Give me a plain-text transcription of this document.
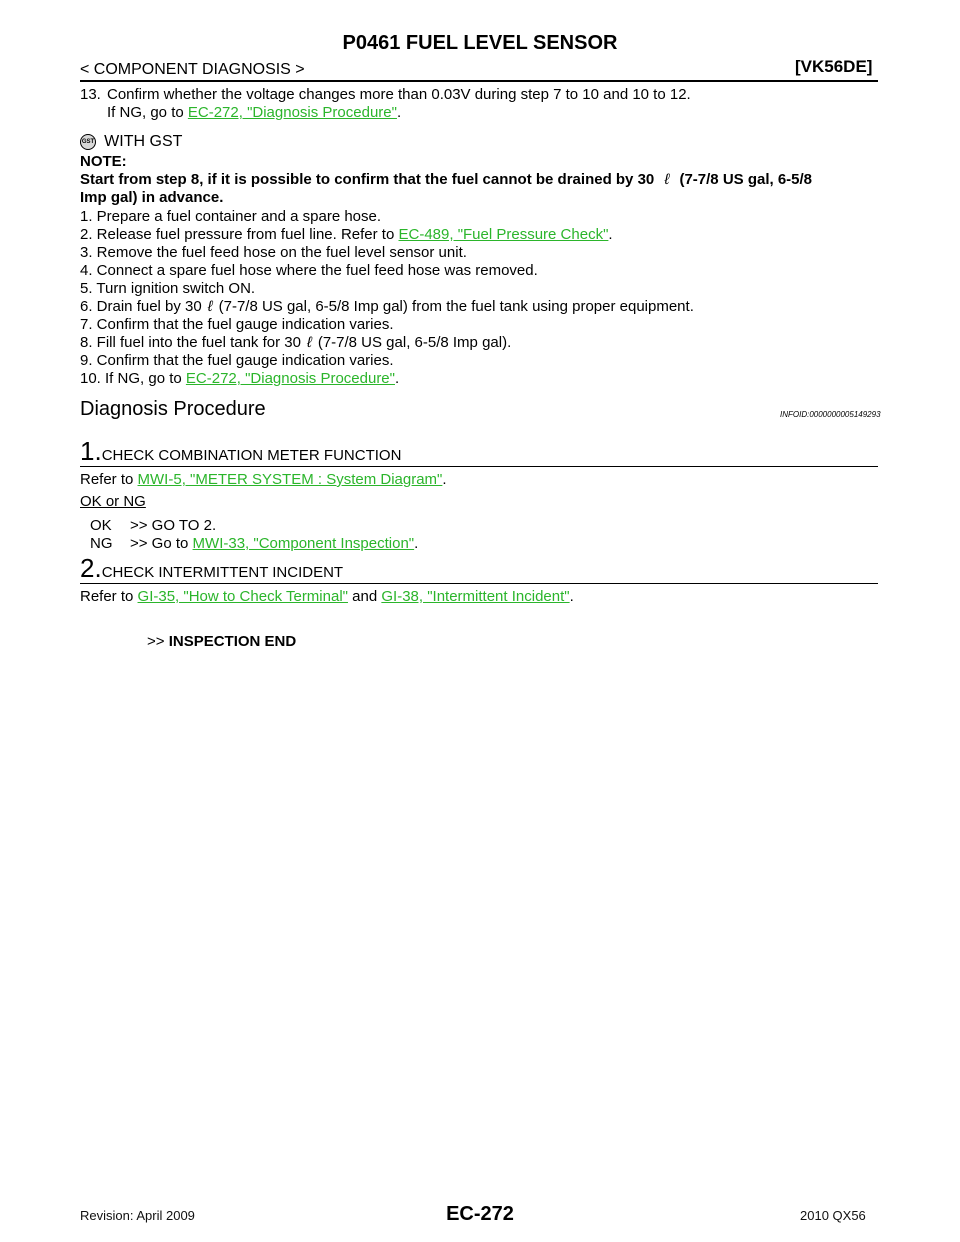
P0461 FUEL LEVEL SENSOR
< COMPONENT DIAGNOSIS >	[VK56DE]
13. Confirm whether the voltage changes more than 0.03V during step 7 to 10 and 10 to 12.
If NG, go to EC-272, "Diagnosis Procedure".
GST WITH GST
NOTE:
Start from step 8, if it is possible to confirm that the fuel cannot be drained by 30 ℓ (7-7/8 US gal, 6-5/8
Imp gal) in advance.
1. Prepare a fuel container and a spare hose.
2. Release fuel pressure from fuel line. Refer to EC-489, "Fuel Pressure Check".
3. Remove the fuel feed hose on the fuel level sensor unit.
4. Connect a spare fuel hose where the fuel feed hose was removed.
5. Turn ignition switch ON.
6. Drain fuel by 30 ℓ (7-7/8 US gal, 6-5/8 Imp gal) from the fuel tank using proper equipment.
7. Confirm that the fuel gauge indication varies.
8. Fill fuel into the fuel tank for 30 ℓ (7-7/8 US gal, 6-5/8 Imp gal).
9. Confirm that the fuel gauge indication varies.
10. If NG, go to EC-272, "Diagnosis Procedure".
Diagnosis Procedure	INFOID:0000000005149293
1.CHECK COMBINATION METER FUNCTION
Refer to MWI-5, "METER SYSTEM : System Diagram".
OK or NG
OK >> GO TO 2.
NG >> Go to MWI-33, "Component Inspection".
2.CHECK INTERMITTENT INCIDENT
Refer to GI-35, "How to Check Terminal" and GI-38, "Intermittent Incident".
>> INSPECTION END
Revision: April 2009	EC-272	2010 QX56
